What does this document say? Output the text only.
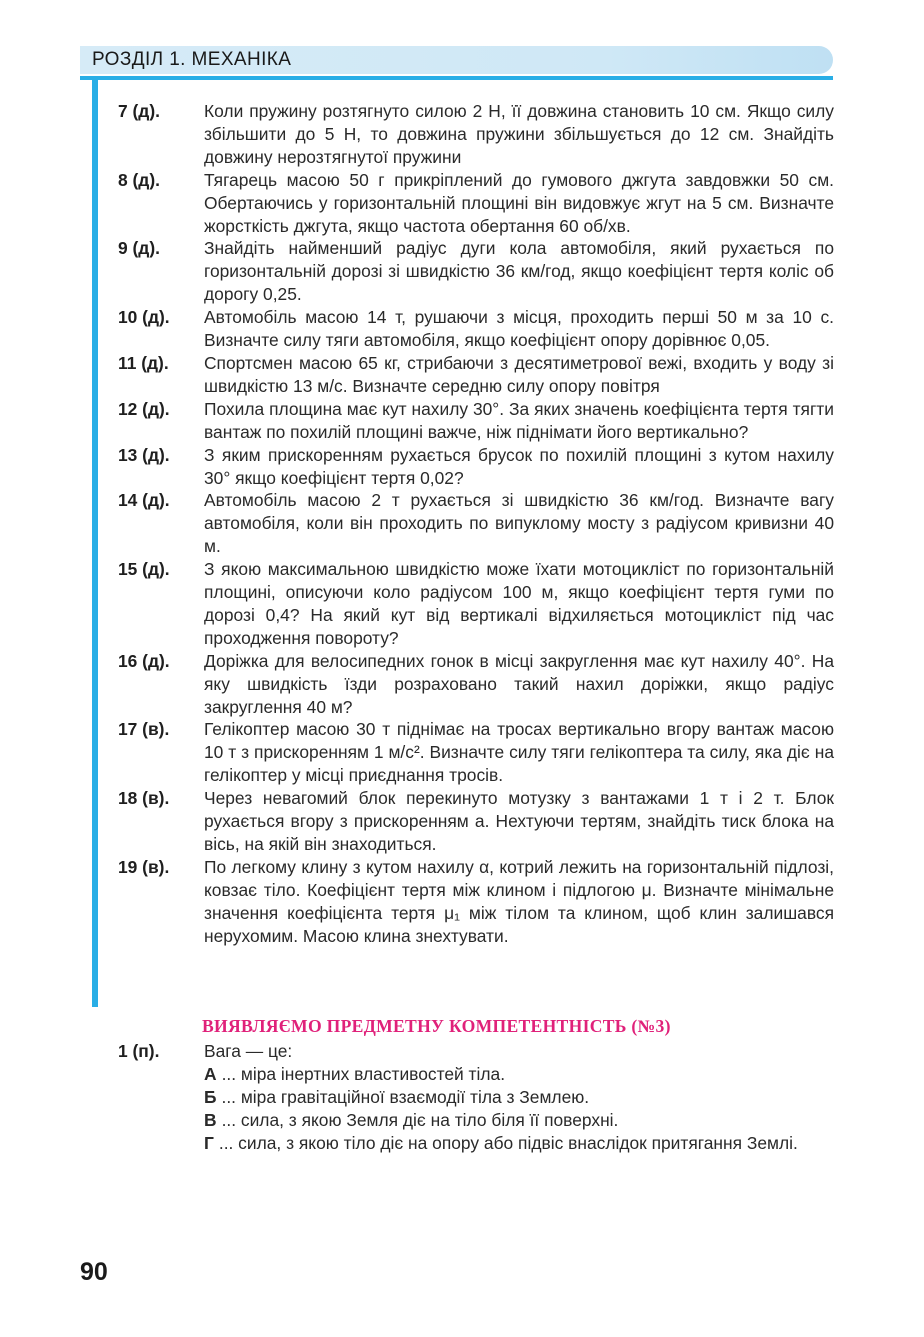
РОЗДІЛ 1. МЕХАНІКА
7 (д).	Коли пружину розтягнуто силою 2 Н, її довжина становить 10 см. Якщо силу збільшити до 5 Н, то довжина пружини збільшується до 12 см. Знайдіть довжину нерозтягнутої пружини
8 (д).	Тягарець масою 50 г прикріплений до гумового джгута завдовжки 50 см. Обертаючись у горизонтальній площині він видовжує жгут на 5 см. Визначте жорсткість джгута, якщо частота обертання 60 об/хв.
9 (д).	Знайдіть найменший радіус дуги кола автомобіля, який рухається по горизонтальній дорозі зі швидкістю 36 км/год, якщо коефіцієнт тертя коліс об дорогу 0,25.
10 (д).	Автомобіль масою 14 т, рушаючи з місця, проходить перші 50 м за 10 с. Визначте силу тяги автомобіля, якщо коефіцієнт опору дорівнює 0,05.
11 (д).	Спортсмен масою 65 кг, стрибаючи з десятиметрової вежі, входить у воду зі швидкістю 13 м/с. Визначте середню силу опору повітря
12 (д).	Похила площина має кут нахилу 30°. За яких значень коефіцієнта тертя тягти вантаж по похилій площині важче, ніж піднімати його вертикально?
13 (д).	З яким прискоренням рухається брусок по похилій площині з кутом нахилу 30° якщо коефіцієнт тертя 0,02?
14 (д).	Автомобіль масою 2 т рухається зі швидкістю 36 км/год. Визначте вагу автомобіля, коли він проходить по випуклому мосту з радіусом кривизни 40 м.
15 (д).	З якою максимальною швидкістю може їхати мотоцикліст по горизонтальній площині, описуючи коло радіусом 100 м, якщо коефіцієнт тертя гуми по дорозі 0,4? На який кут від вертикалі відхиляється мотоцикліст під час проходження повороту?
16 (д).	Доріжка для велосипедних гонок в місці закруглення має кут нахилу 40°. На яку швидкість їзди розраховано такий нахил доріжки, якщо радіус закруглення 40 м?
17 (в).	Гелікоптер масою 30 т піднімає на тросах вертикально вгору вантаж масою 10 т з прискоренням 1 м/с². Визначте силу тяги гелікоптера та силу, яка діє на гелікоптер у місці приєднання тросів.
18 (в).	Через невагомий блок перекинуто мотузку з вантажами 1 т і 2 т. Блок рухається вгору з прискоренням a. Нехтуючи тертям, знайдіть тиск блока на вісь, на якій він знаходиться.
19 (в).	По легкому клину з кутом нахилу α, котрий лежить на горизонтальній підлозі, ковзає тіло. Коефіцієнт тертя між клином і підлогою μ. Визначте мінімальне значення коефіцієнта тертя μ₁ між тілом та клином, щоб клин залишався нерухомим. Масою клина знехтувати.
ВИЯВЛЯЄМО ПРЕДМЕТНУ КОМПЕТЕНТНІСТЬ (№3)
1 (п).	Вага — це:
А ... міра інертних властивостей тіла.
Б ... міра гравітаційної взаємодії тіла з Землею.
В ... сила, з якою Земля діє на тіло біля її поверхні.
Г ... сила, з якою тіло діє на опору або підвіс внаслідок притягання Землі.
90
